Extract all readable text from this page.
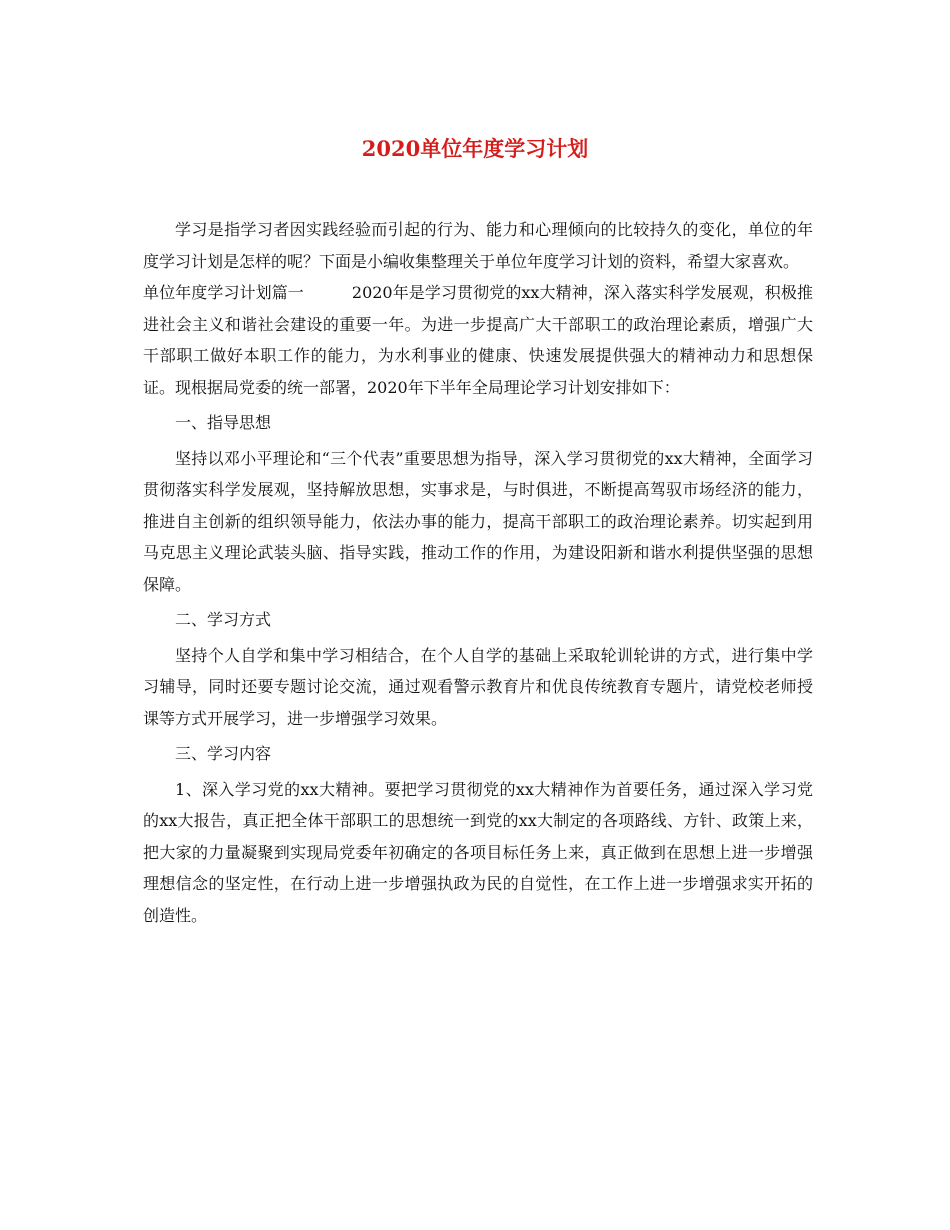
2020单位年度学习计划

学习是指学习者因实践经验而引起的行为、能力和心理倾向的比较持久的变化，单位的年度学习计划是怎样的呢？下面是小编收集整理关于单位年度学习计划的资料，希望大家喜欢。

单位年度学习计划篇一	2020年是学习贯彻党的xx大精神，深入落实科学发展观，积极推进社会主义和谐社会建设的重要一年。为进一步提高广大干部职工的政治理论素质，增强广大干部职工做好本职工作的能力，为水利事业的健康、快速发展提供强大的精神动力和思想保证。现根据局党委的统一部署，2020年下半年全局理论学习计划安排如下：

一、指导思想

坚持以邓小平理论和“三个代表”重要思想为指导，深入学习贯彻党的xx大精神，全面学习贯彻落实科学发展观，坚持解放思想，实事求是，与时俱进，不断提高驾驭市场经济的能力，推进自主创新的组织领导能力，依法办事的能力，提高干部职工的政治理论素养。切实起到用马克思主义理论武装头脑、指导实践，推动工作的作用，为建设阳新和谐水利提供坚强的思想保障。

二、学习方式

坚持个人自学和集中学习相结合，在个人自学的基础上采取轮训轮讲的方式，进行集中学习辅导，同时还要专题讨论交流，通过观看警示教育片和优良传统教育专题片，请党校老师授课等方式开展学习，进一步增强学习效果。

三、学习内容

1、深入学习党的xx大精神。要把学习贯彻党的xx大精神作为首要任务，通过深入学习党的xx大报告，真正把全体干部职工的思想统一到党的xx大制定的各项路线、方针、政策上来，把大家的力量凝聚到实现局党委年初确定的各项目标任务上来，真正做到在思想上进一步增强理想信念的坚定性，在行动上进一步增强执政为民的自觉性，在工作上进一步增强求实开拓的创造性。
